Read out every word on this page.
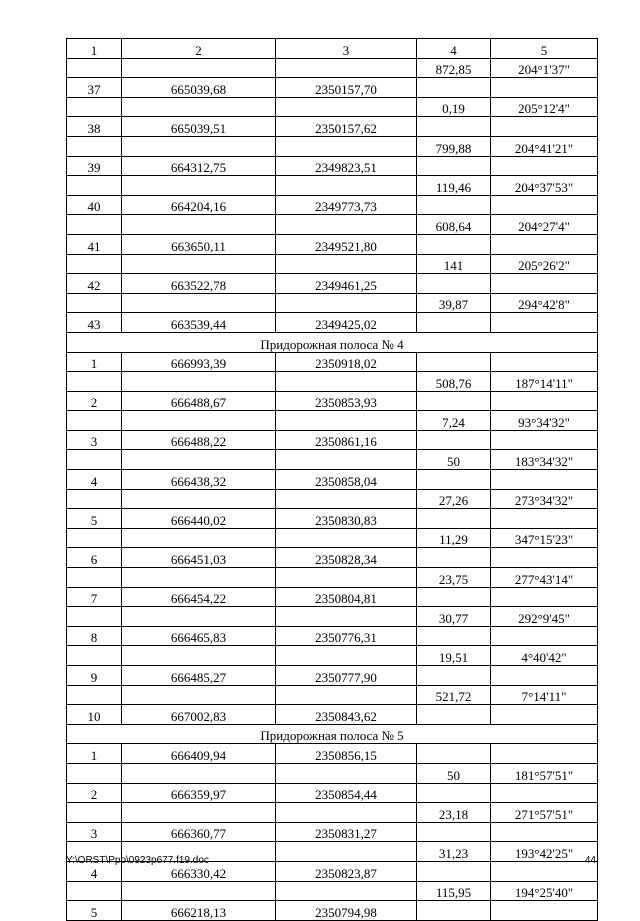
1	2	3	4	5
			872,85	204°1'37"
37	665039,68	2350157,70		
			0,19	205°12'4"
38	665039,51	2350157,62		
			799,88	204°41'21"
39	664312,75	2349823,51		
			119,46	204°37'53"
40	664204,16	2349773,73		
			608,64	204°27'4"
41	663650,11	2349521,80		
			141	205°26'2"
42	663522,78	2349461,25		
			39,87	294°42'8"
43	663539,44	2349425,02		
Придорожная полоса № 4				
1	666993,39	2350918,02		
			508,76	187°14'11"
2	666488,67	2350853,93		
			7,24	93°34'32"
3	666488,22	2350861,16		
			50	183°34'32"
4	666438,32	2350858,04		
			27,26	273°34'32"
5	666440,02	2350830,83		
			11,29	347°15'23"
6	666451,03	2350828,34		
			23,75	277°43'14"
7	666454,22	2350804,81		
			30,77	292°9'45"
8	666465,83	2350776,31		
			19,51	4°40'42"
9	666485,27	2350777,90		
			521,72	7°14'11"
10	667002,83	2350843,62		
Придорожная полоса № 5				
1	666409,94	2350856,15		
			50	181°57'51"
2	666359,97	2350854,44		
			23,18	271°57'51"
3	666360,77	2350831,27		
			31,23	193°42'25"
4	666330,42	2350823,87		
			115,95	194°25'40"
5	666218,13	2350794,98		
Y:\ORST\Ppo\0923p677.f19.doc	44
